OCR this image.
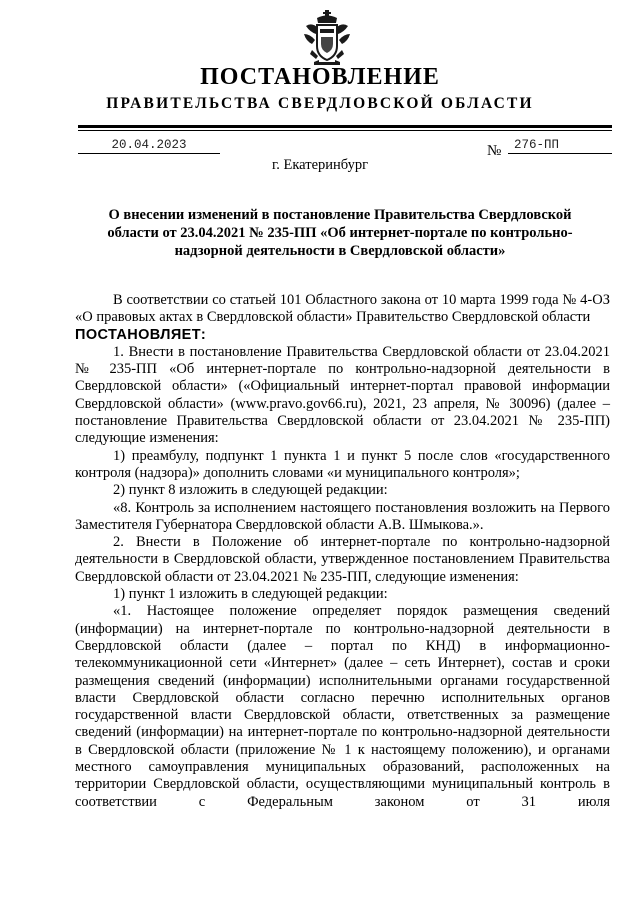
ПОСТАНОВЛЕНИЕ
ПРАВИТЕЛЬСТВА СВЕРДЛОВСКОЙ ОБЛАСТИ
20.04.2023	№	276-ПП
г. Екатеринбург
О внесении изменений в постановление Правительства Свердловской области от 23.04.2021 № 235-ПП «Об интернет-портале по контрольно-надзорной деятельности в Свердловской области»

В соответствии со статьей 101 Областного закона от 10 марта 1999 года № 4-ОЗ «О правовых актах в Свердловской области» Правительство Свердловской области

ПОСТАНОВЛЯЕТ:

1. Внести в постановление Правительства Свердловской области от 23.04.2021 № 235-ПП «Об интернет-портале по контрольно-надзорной деятельности в Свердловской области» («Официальный интернет-портал правовой информации Свердловской области» (www.pravo.gov66.ru), 2021, 23 апреля, № 30096) (далее – постановление Правительства Свердловской области от 23.04.2021 № 235-ПП) следующие изменения:

1) преамбулу, подпункт 1 пункта 1 и пункт 5 после слов «государственного контроля (надзора)» дополнить словами «и муниципального контроля»;

2) пункт 8 изложить в следующей редакции:

«8. Контроль за исполнением настоящего постановления возложить на Первого Заместителя Губернатора Свердловской области А.В. Шмыкова.».

2. Внести в Положение об интернет-портале по контрольно-надзорной деятельности в Свердловской области, утвержденное постановлением Правительства Свердловской области от 23.04.2021 № 235-ПП, следующие изменения:

1) пункт 1 изложить в следующей редакции:

«1. Настоящее положение определяет порядок размещения сведений (информации) на интернет-портале по контрольно-надзорной деятельности в Свердловской области (далее – портал по КНД) в информационно-телекоммуникационной сети «Интернет» (далее – сеть Интернет), состав и сроки размещения сведений (информации) исполнительными органами государственной власти Свердловской области согласно перечню исполнительных органов государственной власти Свердловской области, ответственных за размещение сведений (информации) на интернет-портале по контрольно-надзорной деятельности в Свердловской области (приложение № 1 к настоящему положению), и органами местного самоуправления муниципальных образований, расположенных на территории Свердловской области, осуществляющими муниципальный контроль в соответствии с Федеральным законом от 31 июля
